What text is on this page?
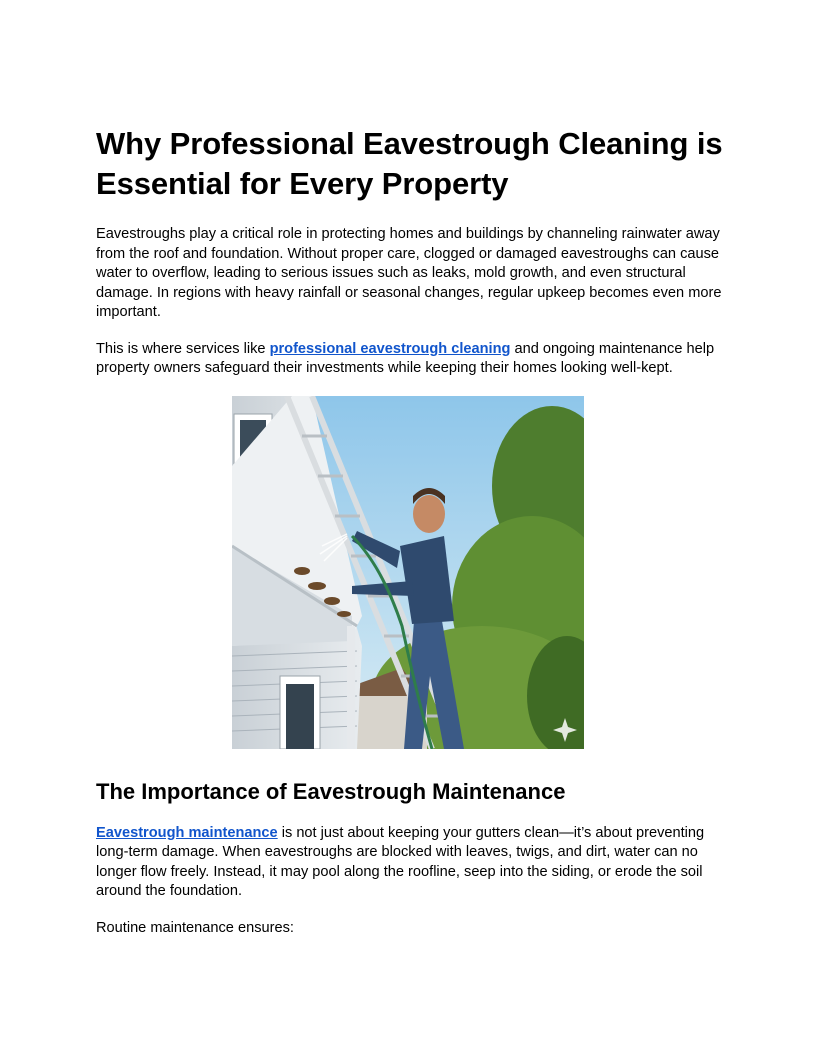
Why Professional Eavestrough Cleaning is Essential for Every Property

Eavestroughs play a critical role in protecting homes and buildings by channeling rainwater away from the roof and foundation. Without proper care, clogged or damaged eavestroughs can cause water to overflow, leading to serious issues such as leaks, mold growth, and even structural damage. In regions with heavy rainfall or seasonal changes, regular upkeep becomes even more important.

This is where services like professional eavestrough cleaning and ongoing maintenance help property owners safeguard their investments while keeping their homes looking well-kept.

The Importance of Eavestrough Maintenance

Eavestrough maintenance is not just about keeping your gutters clean—it’s about preventing long-term damage. When eavestroughs are blocked with leaves, twigs, and dirt, water can no longer flow freely. Instead, it may pool along the roofline, seep into the siding, or erode the soil around the foundation.

Routine maintenance ensures:
